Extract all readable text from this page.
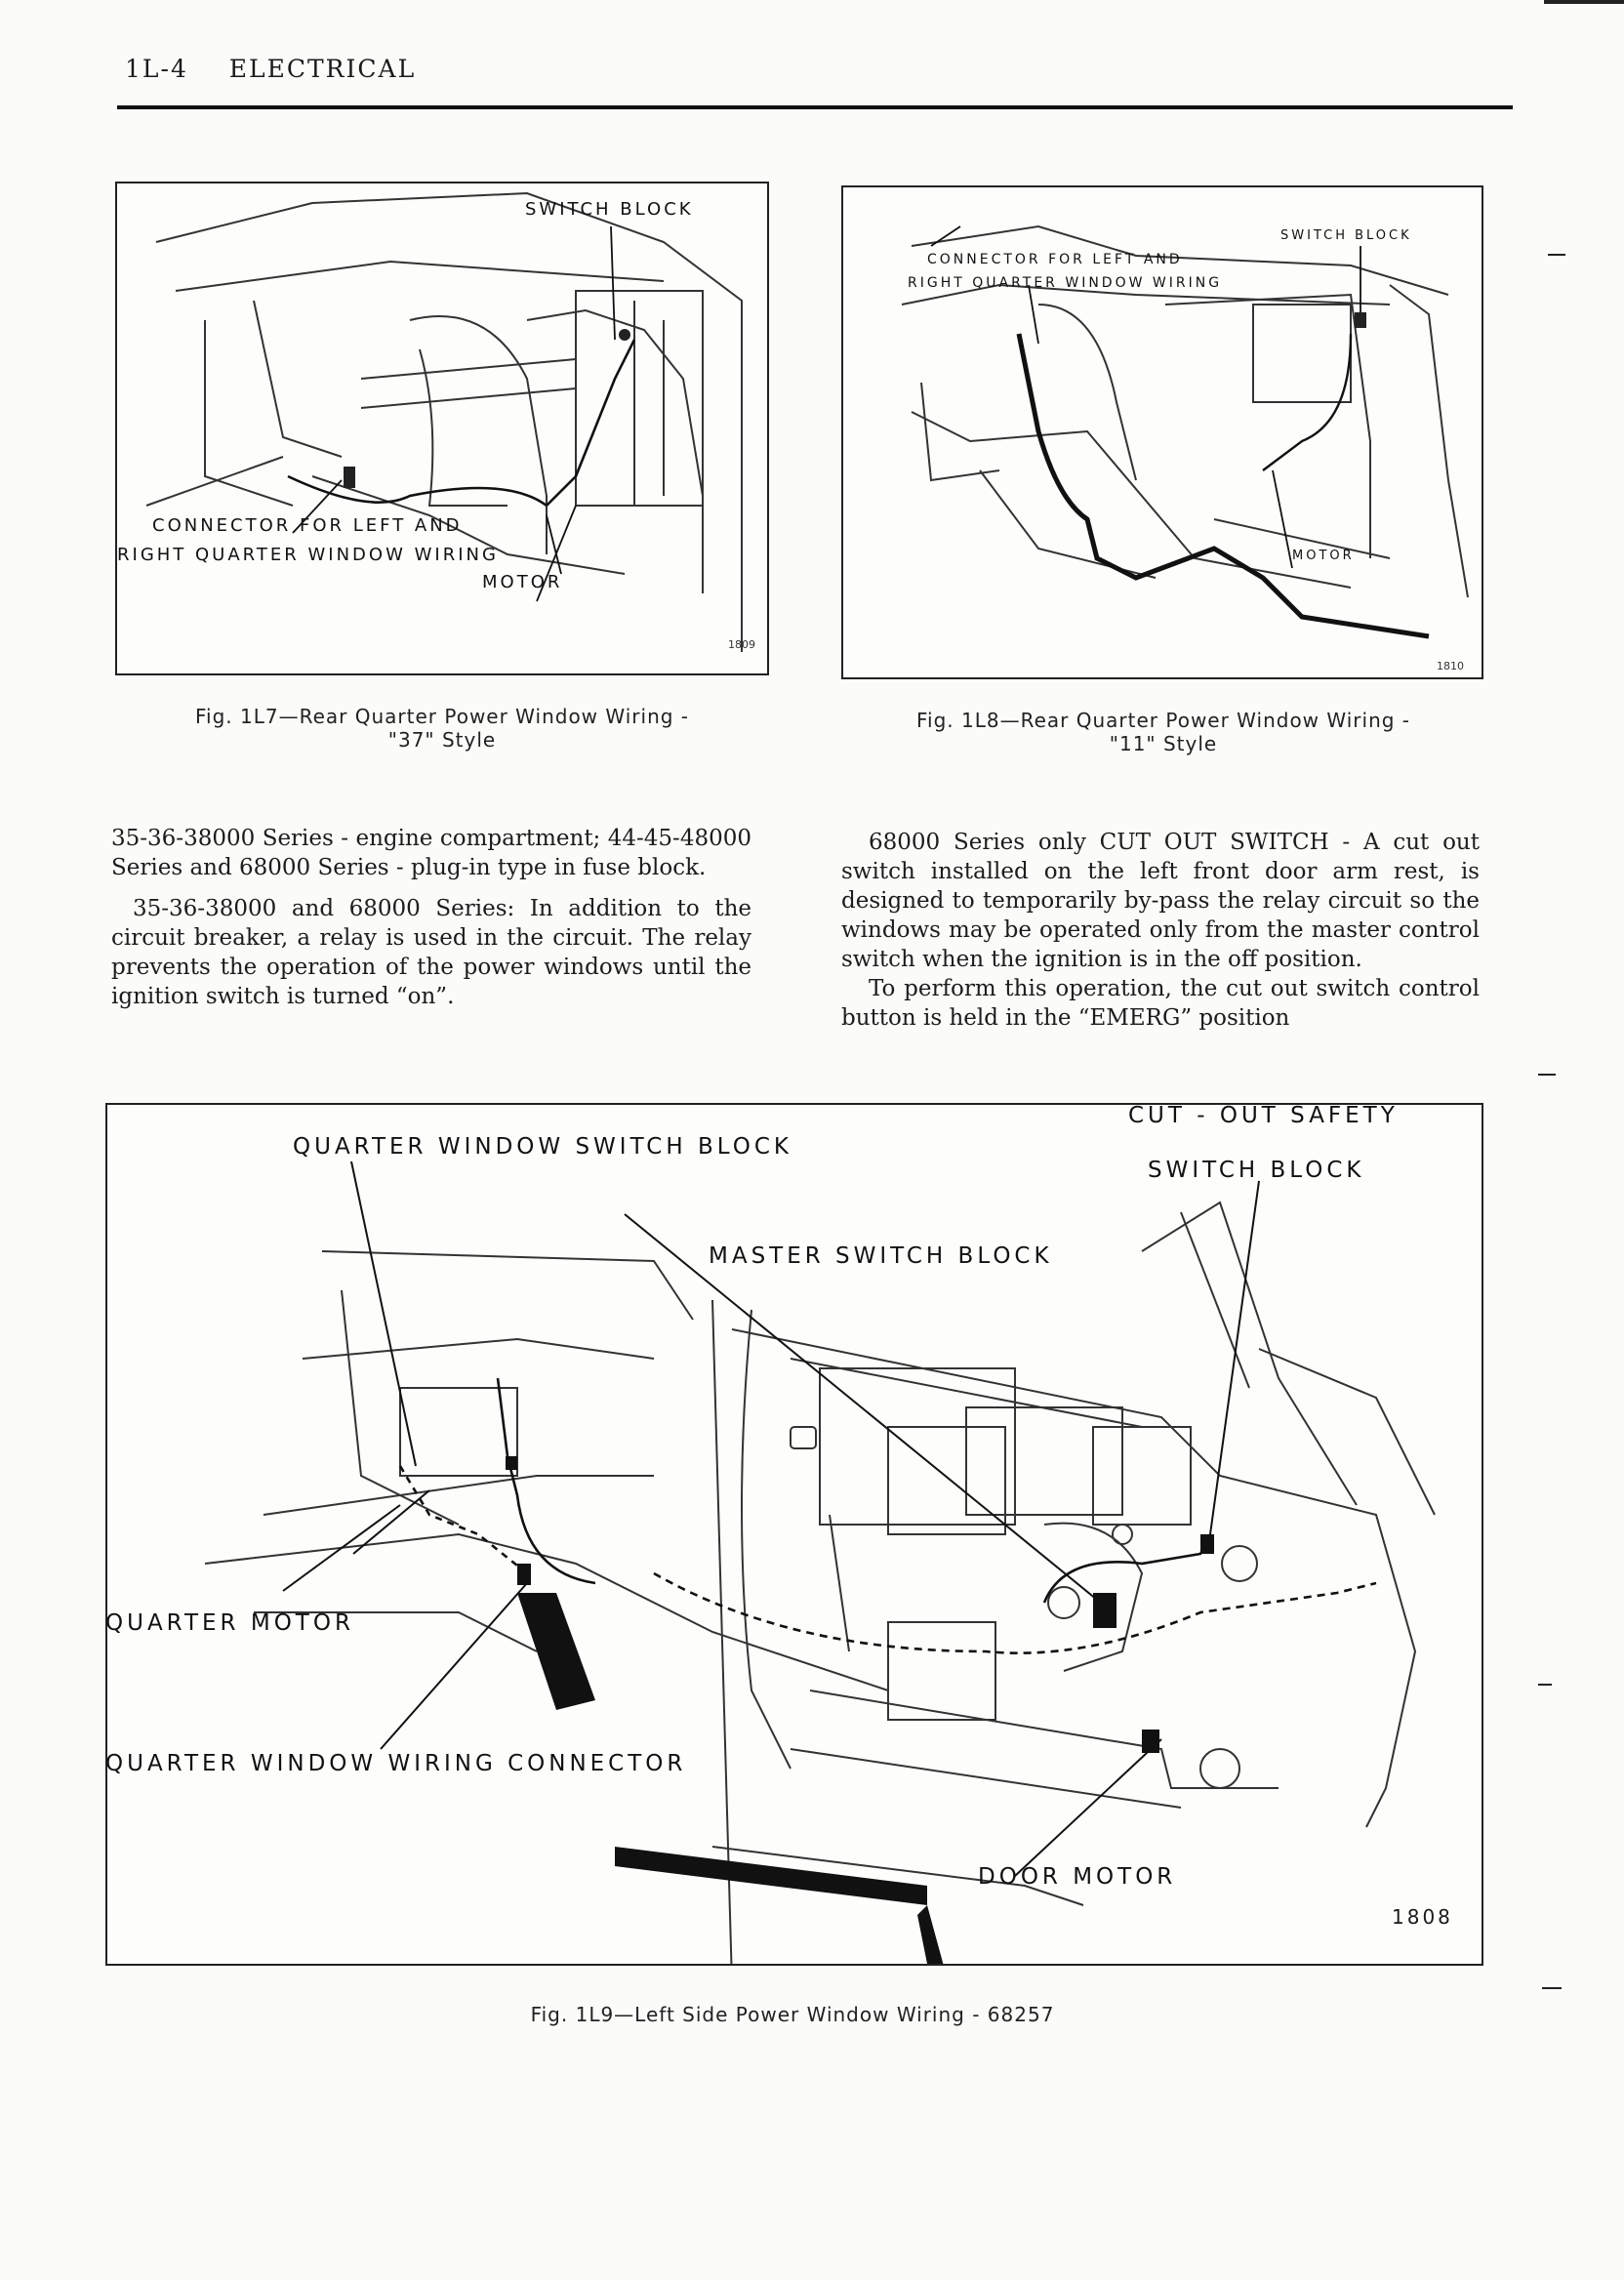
1L-4 ELECTRICAL
SWITCH BLOCK
CONNECTOR FOR LEFT AND
RIGHT QUARTER WINDOW WIRING
MOTOR
1809
Fig. 1L7—Rear Quarter Power Window Wiring -
"37" Style
CONNECTOR FOR LEFT AND
RIGHT QUARTER WINDOW WIRING
SWITCH BLOCK
MOTOR
1810
Fig. 1L8—Rear Quarter Power Window Wiring -
"11" Style

35-36-38000 Series - engine compartment; 44-45-48000 Series and 68000 Series - plug-in type in fuse block.

35-36-38000 and 68000 Series: In addition to the circuit breaker, a relay is used in the circuit. The relay prevents the operation of the power windows until the ignition switch is turned “on”.

68000 Series only CUT OUT SWITCH - A cut out switch installed on the left front door arm rest, is designed to temporarily by-pass the relay circuit so the windows may be operated only from the master control switch when the ignition is in the off position.

To perform this operation, the cut out switch control button is held in the “EMERG” position

QUARTER WINDOW SWITCH BLOCK
CUT - OUT SAFETY
SWITCH BLOCK
MASTER SWITCH BLOCK
QUARTER MOTOR
QUARTER WINDOW WIRING CONNECTOR
DOOR MOTOR
1808
Fig. 1L9—Left Side Power Window Wiring - 68257
